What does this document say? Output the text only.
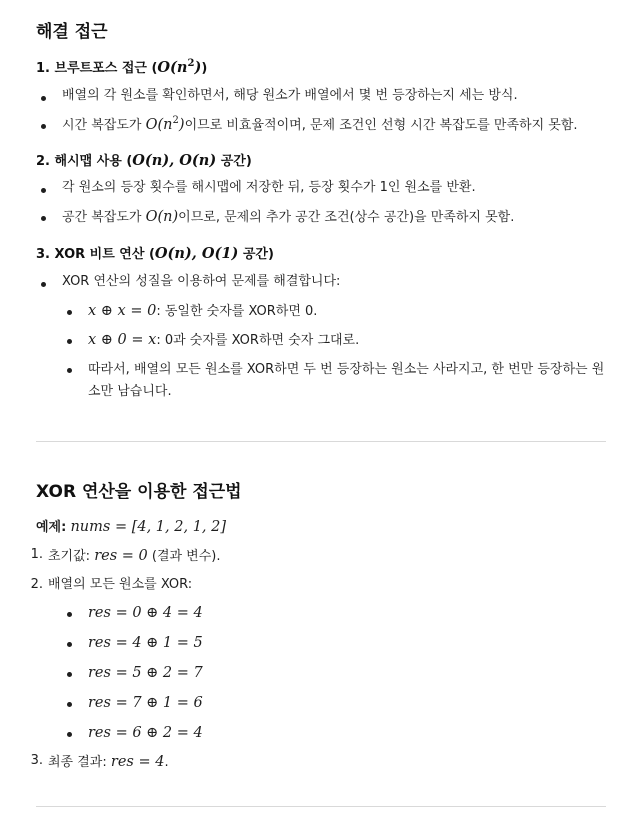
해결 접근
1. 브루트포스 접근 $(O(n^2))$
배열의 각 원소를 확인하면서, 해당 원소가 배열에서 몇 번 등장하는지 세는 방식.
시간 복잡도가 $O(n^2)$이므로 비효율적이며, 문제 조건인 선형 시간 복잡도를 만족하지 못함.
2. 해시맵 사용 (O(n), O(n) 공간)
각 원소의 등장 횟수를 해시맵에 저장한 뒤, 등장 횟수가 1인 원소를 반환.
공간 복잡도가 O(n)이므로, 문제의 추가 공간 조건(상수 공간)을 만족하지 못함.
3. XOR 비트 연산 (O(n), O(1) 공간)
XOR 연산의 성질을 이용하여 문제를 해결합니다:
x ⊕ x = 0: 동일한 숫자를 XOR하면 0.
x ⊕ 0 = x: 0과 숫자를 XOR하면 숫자 그대로.
따라서, 배열의 모든 원소를 XOR하면 두 번 등장하는 원소는 사라지고, 한 번만 등장하는 원소만 남습니다.
XOR 연산을 이용한 접근법
예제: nums = [4, 1, 2, 1, 2]
1. 초기값: res = 0 (결과 변수).
2. 배열의 모든 원소를 XOR:
res = 0 ⊕ 4 = 4
res = 4 ⊕ 1 = 5
res = 5 ⊕ 2 = 7
res = 7 ⊕ 1 = 6
res = 6 ⊕ 2 = 4
3. 최종 결과: res = 4.
